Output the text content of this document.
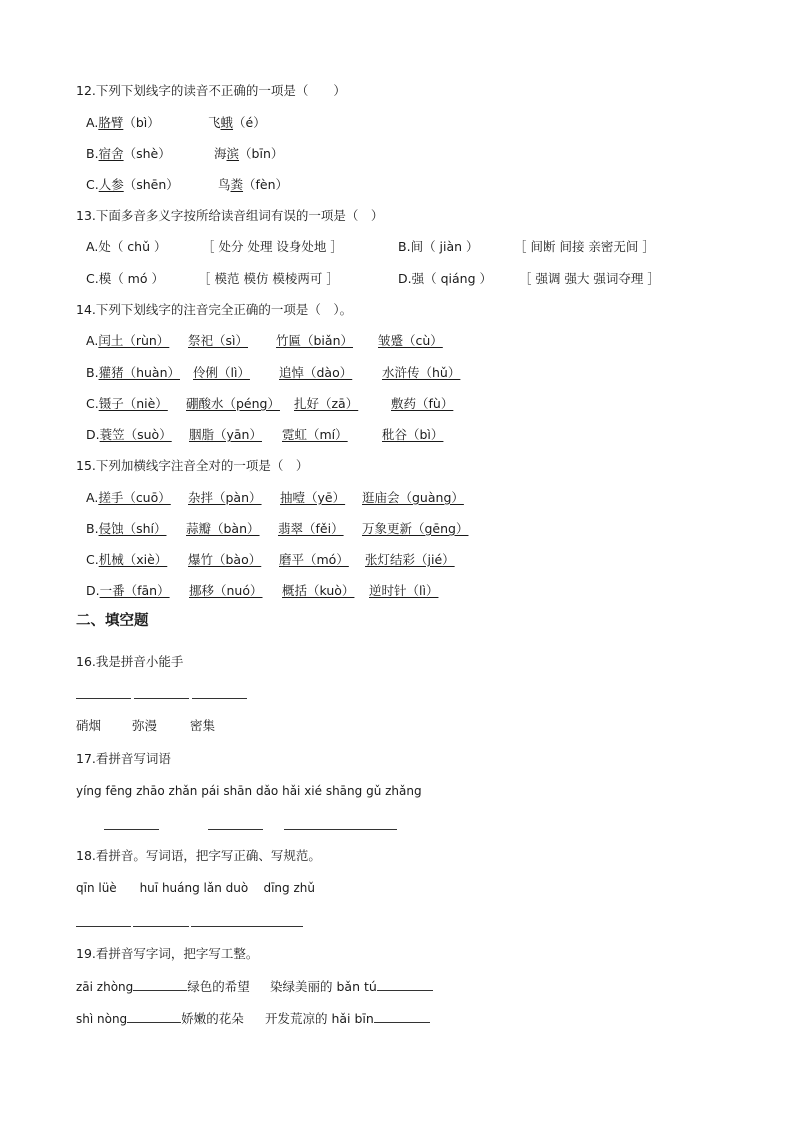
12.下列下划线字的读音不正确的一项是（　　）
A.胳臂（bì）	飞蛾（é）
B.宿舍（shè）	海滨（bīn）
C.人参（shēn）	鸟粪（fèn）
13.下面多音多义字按所给读音组词有误的一项是（　）
A.处（ chǔ ）	［ 处分 处理 设身处地 ］	B.间（ jiàn ）	［ 间断 间接 亲密无间 ］
C.模（ mó ）	［ 模范 模仿 模棱两可 ］	D.强（ qiáng ） ［ 强调 强大 强词夺理 ］
14.下列下划线字的注音完全正确的一项是（　）。
A.闰土（rùn） 祭祀（sì） 竹匾（biǎn） 皱蹙（cù）
B.獾猪（huàn） 伶俐（lì） 追悼（dào） 水浒传（hǔ）
C.镊子（niè） 硼酸水（péng） 扎好（zā）	敷药（fù）
D.蓑笠（suò） 胭脂（yān） 霓虹（mí）	秕谷（bì）
15.下列加横线字注音全对的一项是（　）
A.搓手（cuō） 杂拌（pàn） 抽噎（yē） 逛庙会（guàng）
B.侵蚀（shí） 蒜瓣（bàn） 翡翠（fěi） 万象更新（gēng）
C.机械（xiè） 爆竹（bào） 磨平（mó） 张灯结彩（jié）
D.一番（fān） 挪移（nuó） 概括（kuò） 逆时针（lì）
二、填空题
16.我是拼音小能手
硝烟 弥漫	密集
17.看拼音写词语
yíng fēng zhāo zhǎn pái shān dǎo hǎi xié shāng gǔ zhǎng
18.看拼音。写词语，把字写正确、写规范。
qīn lüè      huī huáng lǎn duò    dīng zhǔ
19.看拼音写字词，把字写工整。
zāi zhòng	绿色的希望 染绿美丽的 bǎn tú
shì nòng	娇嫩的花朵 开发荒凉的 hǎi bīn
